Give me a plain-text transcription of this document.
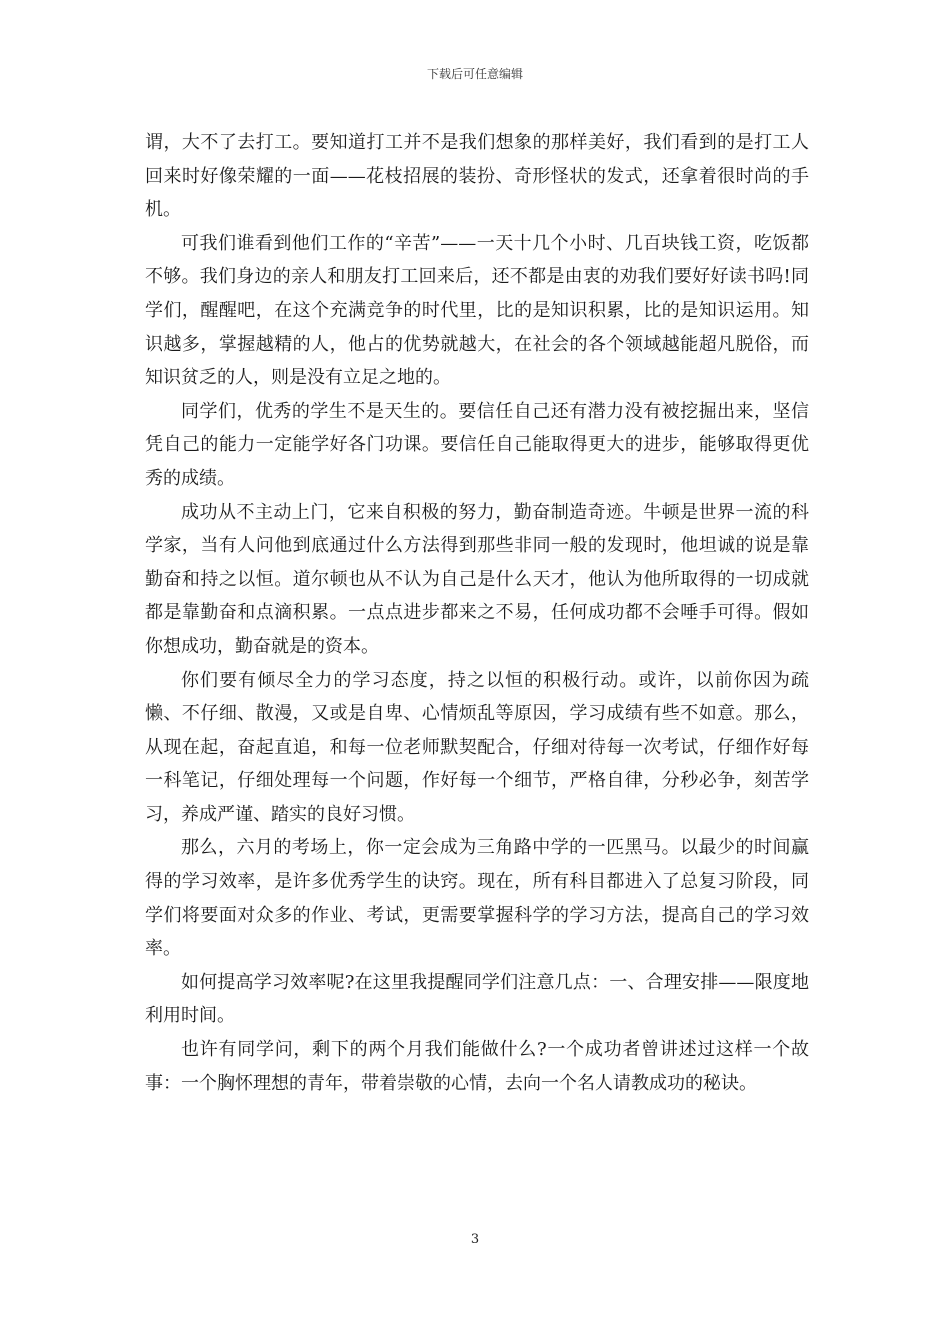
下载后可任意编辑

谓，大不了去打工。要知道打工并不是我们想象的那样美好，我们看到的是打工人回来时好像荣耀的一面——花枝招展的装扮、奇形怪状的发式，还拿着很时尚的手机。

可我们谁看到他们工作的“辛苦”——一天十几个小时、几百块钱工资，吃饭都不够。我们身边的亲人和朋友打工回来后，还不都是由衷的劝我们要好好读书吗!同学们，醒醒吧，在这个充满竞争的时代里，比的是知识积累，比的是知识运用。知识越多，掌握越精的人，他占的优势就越大，在社会的各个领域越能超凡脱俗，而知识贫乏的人，则是没有立足之地的。

同学们，优秀的学生不是天生的。要信任自己还有潜力没有被挖掘出来，坚信凭自己的能力一定能学好各门功课。要信任自己能取得更大的进步，能够取得更优秀的成绩。

成功从不主动上门，它来自积极的努力，勤奋制造奇迹。牛顿是世界一流的科学家，当有人问他到底通过什么方法得到那些非同一般的发现时，他坦诚的说是靠勤奋和持之以恒。道尔顿也从不认为自己是什么天才，他认为他所取得的一切成就都是靠勤奋和点滴积累。一点点进步都来之不易，任何成功都不会唾手可得。假如你想成功，勤奋就是的资本。

你们要有倾尽全力的学习态度，持之以恒的积极行动。或许，以前你因为疏懒、不仔细、散漫，又或是自卑、心情烦乱等原因，学习成绩有些不如意。那么，从现在起，奋起直追，和每一位老师默契配合，仔细对待每一次考试，仔细作好每一科笔记，仔细处理每一个问题，作好每一个细节，严格自律，分秒必争，刻苦学习，养成严谨、踏实的良好习惯。

那么，六月的考场上，你一定会成为三角路中学的一匹黑马。以最少的时间赢得的学习效率，是许多优秀学生的诀窍。现在，所有科目都进入了总复习阶段，同学们将要面对众多的作业、考试，更需要掌握科学的学习方法，提高自己的学习效率。

如何提高学习效率呢?在这里我提醒同学们注意几点：一、合理安排——限度地利用时间。

也许有同学问，剩下的两个月我们能做什么?一个成功者曾讲述过这样一个故事：一个胸怀理想的青年，带着崇敬的心情，去向一个名人请教成功的秘诀。

3
